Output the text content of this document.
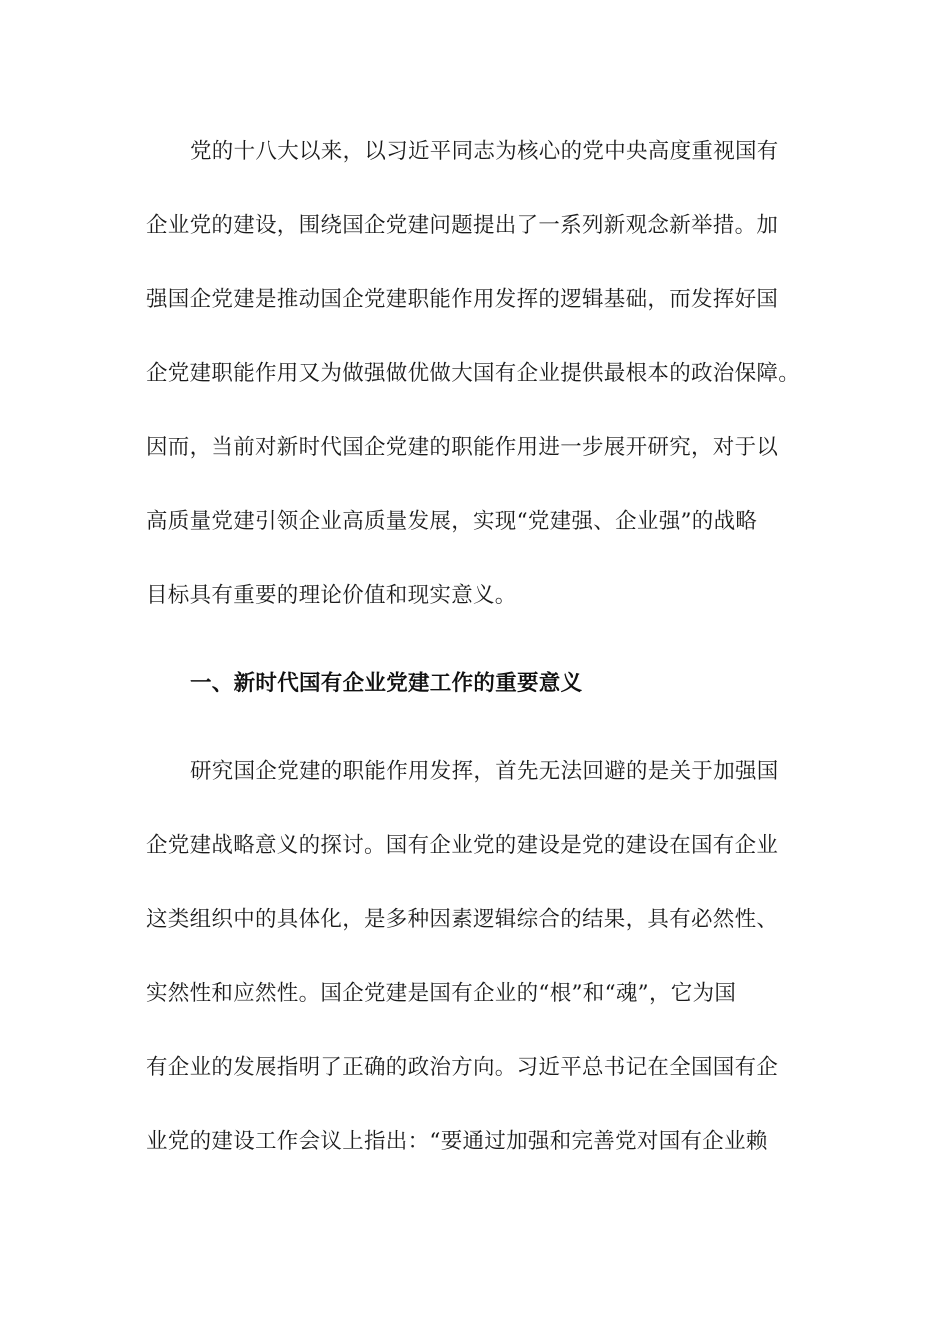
党的十八大以来，以习近平同志为核心的党中央高度重视国有
企业党的建设，围绕国企党建问题提出了一系列新观念新举措。加
强国企党建是推动国企党建职能作用发挥的逻辑基础，而发挥好国
企党建职能作用又为做强做优做大国有企业提供最根本的政治保障。
因而，当前对新时代国企党建的职能作用进一步展开研究，对于以
高质量党建引领企业高质量发展，实现“党建强、企业强”的战略
目标具有重要的理论价值和现实意义。
一、新时代国有企业党建工作的重要意义
研究国企党建的职能作用发挥，首先无法回避的是关于加强国
企党建战略意义的探讨。国有企业党的建设是党的建设在国有企业
这类组织中的具体化，是多种因素逻辑综合的结果，具有必然性、
实然性和应然性。国企党建是国有企业的“根”和“魂”，它为国
有企业的发展指明了正确的政治方向。习近平总书记在全国国有企
业党的建设工作会议上指出：“要通过加强和完善党对国有企业赖
